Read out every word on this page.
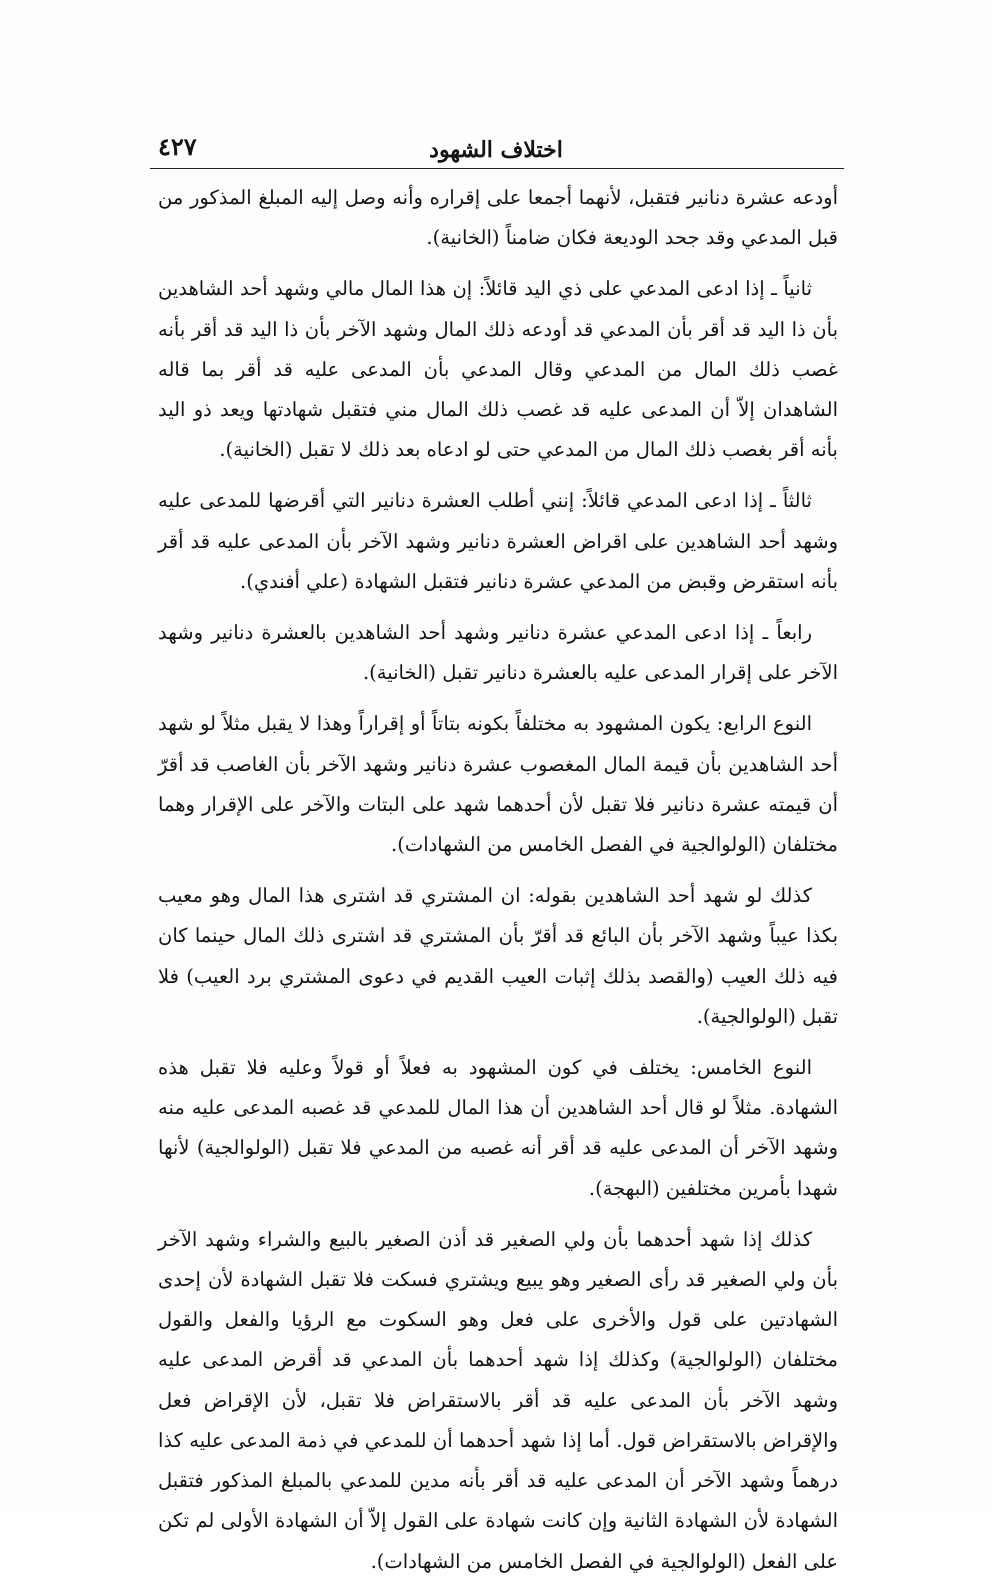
اختلاف الشهود
٤٢٧

أودعه عشرة دنانير فتقبل، لأنهما أجمعا على إقراره وأنه وصل إليه المبلغ المذكور من قبل المدعي وقد جحد الوديعة فكان ضامناً (الخانية).

ثانياً ـ إذا ادعى المدعي على ذي اليد قائلاً: إن هذا المال مالي وشهد أحد الشاهدين بأن ذا اليد قد أقر بأن المدعي قد أودعه ذلك المال وشهد الآخر بأن ذا اليد قد أقر بأنه غصب ذلك المال من المدعي وقال المدعي بأن المدعى عليه قد أقر بما قاله الشاهدان إلاّ أن المدعى عليه قد غصب ذلك المال مني فتقبل شهادتها ويعد ذو اليد بأنه أقر بغصب ذلك المال من المدعي حتى لو ادعاه بعد ذلك لا تقبل (الخانية).

ثالثاً ـ إذا ادعى المدعي قائلاً: إنني أطلب العشرة دنانير التي أقرضها للمدعى عليه وشهد أحد الشاهدين على اقراض العشرة دنانير وشهد الآخر بأن المدعى عليه قد أقر بأنه استقرض وقبض من المدعي عشرة دنانير فتقبل الشهادة (علي أفندي).

رابعاً ـ إذا ادعى المدعي عشرة دنانير وشهد أحد الشاهدين بالعشرة دنانير وشهد الآخر على إقرار المدعى عليه بالعشرة دنانير تقبل (الخانية).

النوع الرابع: يكون المشهود به مختلفاً بكونه بتاتاً أو إقراراً وهذا لا يقبل مثلاً لو شهد أحد الشاهدين بأن قيمة المال المغصوب عشرة دنانير وشهد الآخر بأن الغاصب قد أقرّ أن قيمته عشرة دنانير فلا تقبل لأن أحدهما شهد على البتات والآخر على الإقرار وهما مختلفان (الولوالجية في الفصل الخامس من الشهادات).

كذلك لو شهد أحد الشاهدين بقوله: ان المشتري قد اشترى هذا المال وهو معيب بكذا عيباً وشهد الآخر بأن البائع قد أقرّ بأن المشتري قد اشترى ذلك المال حينما كان فيه ذلك العيب (والقصد بذلك إثبات العيب القديم في دعوى المشتري برد العيب) فلا تقبل (الولوالجية).

النوع الخامس: يختلف في كون المشهود به فعلاً أو قولاً وعليه فلا تقبل هذه الشهادة. مثلاً لو قال أحد الشاهدين أن هذا المال للمدعي قد غصبه المدعى عليه منه وشهد الآخر أن المدعى عليه قد أقر أنه غصبه من المدعي فلا تقبل (الولوالجية) لأنها شهدا بأمرين مختلفين (البهجة).

كذلك إذا شهد أحدهما بأن ولي الصغير قد أذن الصغير بالبيع والشراء وشهد الآخر بأن ولي الصغير قد رأى الصغير وهو يبيع ويشتري فسكت فلا تقبل الشهادة لأن إحدى الشهادتين على قول والأخرى على فعل وهو السكوت مع الرؤيا والفعل والقول مختلفان (الولوالجية) وكذلك إذا شهد أحدهما بأن المدعي قد أقرض المدعى عليه وشهد الآخر بأن المدعى عليه قد أقر بالاستقراض فلا تقبل، لأن الإقراض فعل والإقراض بالاستقراض قول. أما إذا شهد أحدهما أن للمدعي في ذمة المدعى عليه كذا درهماً وشهد الآخر أن المدعى عليه قد أقر بأنه مدين للمدعي بالمبلغ المذكور فتقبل الشهادة لأن الشهادة الثانية وإن كانت شهادة على القول إلاّ أن الشهادة الأولى لم تكن على الفعل (الولوالجية في الفصل الخامس من الشهادات).
